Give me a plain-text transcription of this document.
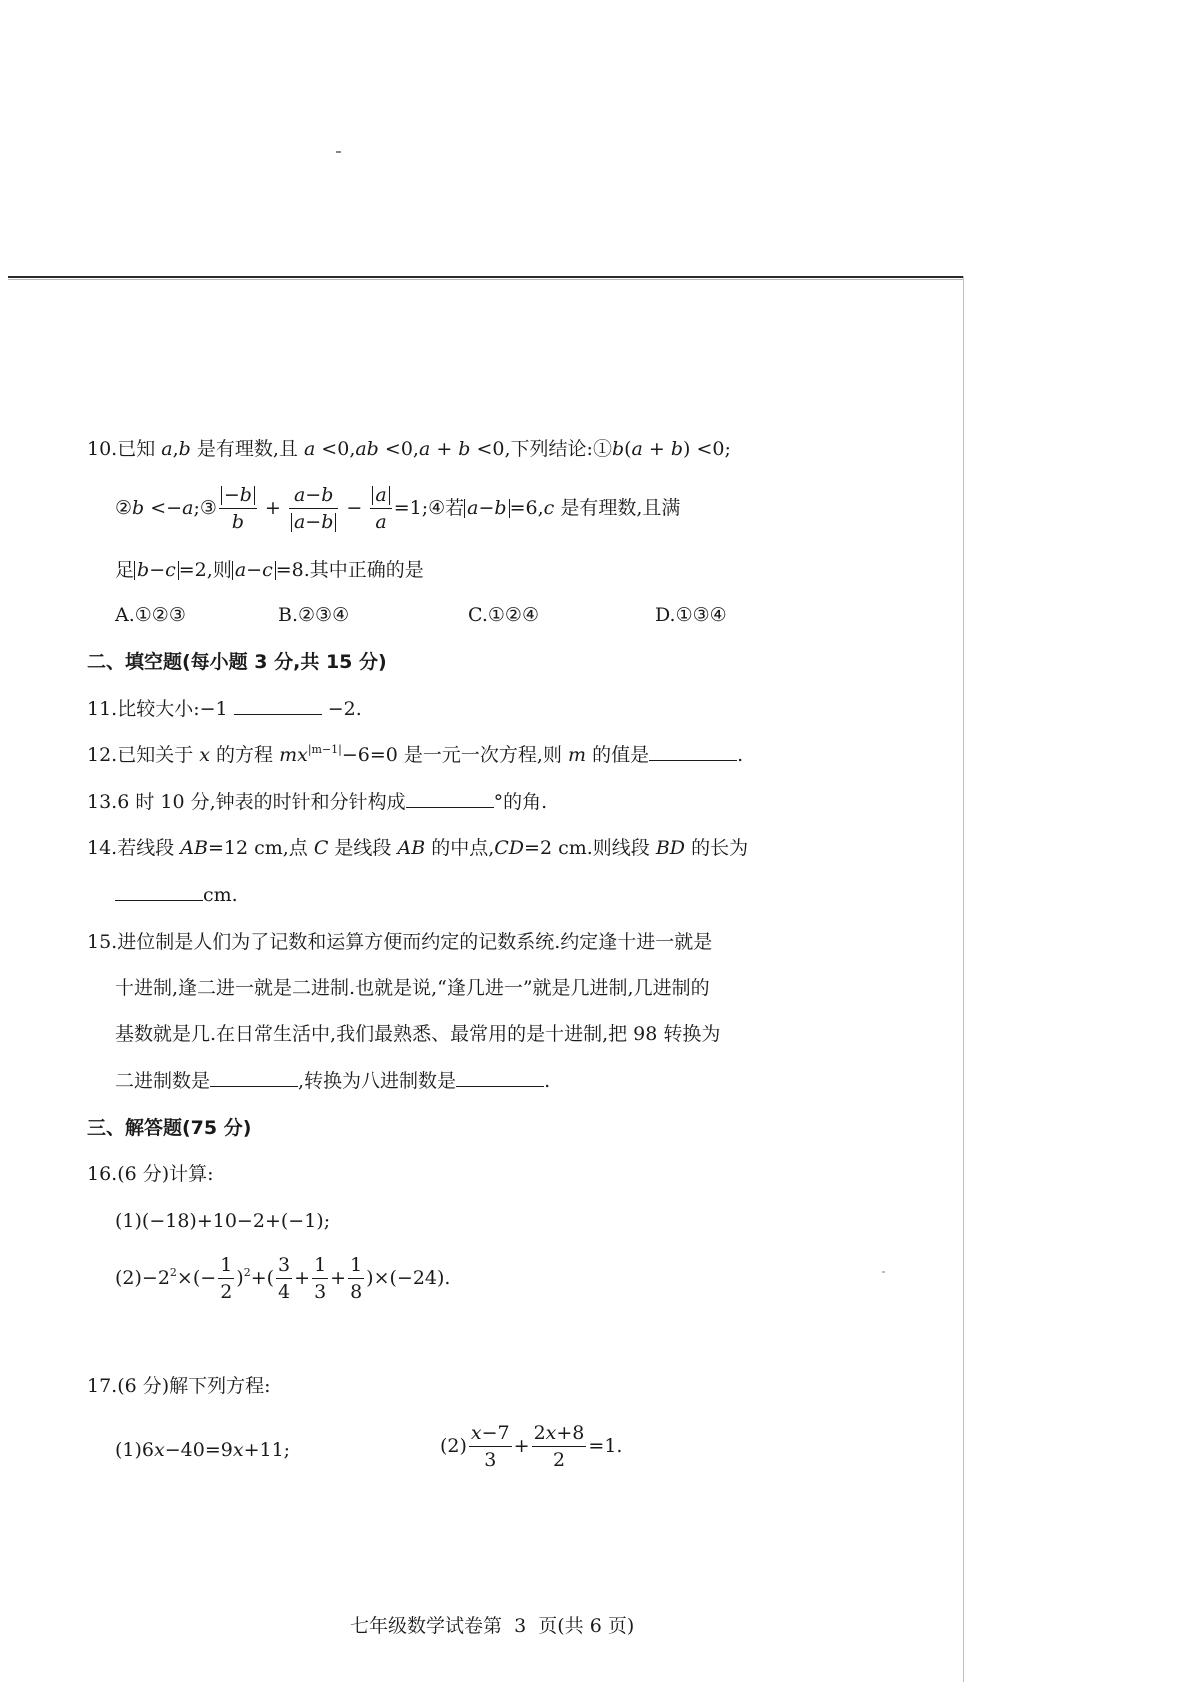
10.已知 a,b 是有理数,且 a <0,ab <0,a + b <0,下列结论:①b(a + b) <0;
②b <−a;③ $\frac{-b}{b} + \frac{a-b}{a-b} - \frac{a}{a}$ =1;④若 a−b =6,c 是有理数,且满
足 b−c =2,则 a−c =8.其中正确的是
A.①②③	B.②③④	C.①②④	D.①③④
二、填空题(每小题 3 分,共 15 分)
11.比较大小:−1	−2.
12.已知关于 x 的方程 $mx^{|m-1|}-6=0$ 是一元一次方程,则 m 的值是	.
13.6 时 10 分,钟表的时针和分针构成	°的角.
14.若线段 AB=12 cm,点 C 是线段 AB 的中点,CD=2 cm.则线段 BD 的长为
cm.
15.进位制是人们为了记数和运算方便而约定的记数系统.约定逢十进一就是
十进制,逢二进一就是二进制.也就是说,“逢几进一”就是几进制,几进制的
基数就是几.在日常生活中,我们最熟悉、最常用的是十进制,把 98 转换为
二进制数是	,转换为八进制数是	.
三、解答题(75 分)
16.(6 分)计算:
(1)(−18)+10−2+(−1);
$(2)-2^2\times(- \frac{1}{2} )^2+( \frac{3}{4} + \frac{1}{3} + \frac{1}{8} )\times(-24)$.
17.(6 分)解下列方程:
(1)6x−40=9x+11;	$(2) \frac{x-7}{3} + \frac{2x+8}{2} =1$.
七年级数学试卷第  3  页(共 6 页)
